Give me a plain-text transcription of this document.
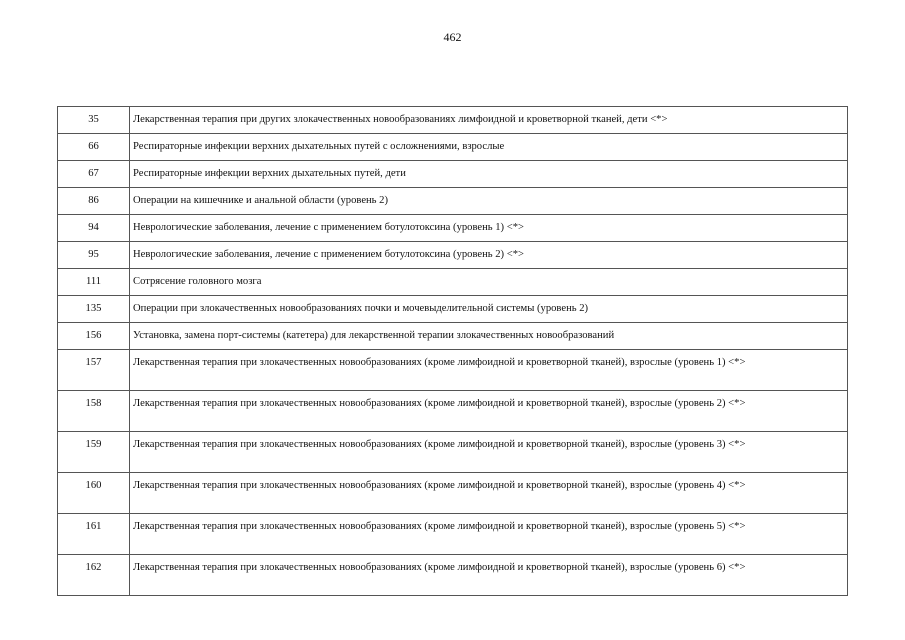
462
35	Лекарственная терапия при других злокачественных новообразованиях лимфоидной и кроветворной тканей, дети <*>
66	Респираторные инфекции верхних дыхательных путей с осложнениями, взрослые
67	Респираторные инфекции верхних дыхательных путей, дети
86	Операции на кишечнике и анальной области (уровень 2)
94	Неврологические заболевания, лечение с применением ботулотоксина (уровень 1) <*>
95	Неврологические заболевания, лечение с применением ботулотоксина (уровень 2) <*>
111	Сотрясение головного мозга
135	Операции при злокачественных новообразованиях почки и мочевыделительной системы (уровень 2)
156	Установка, замена порт-системы (катетера) для лекарственной терапии злокачественных новообразований
157	Лекарственная терапия при злокачественных новообразованиях (кроме лимфоидной и кроветворной тканей), взрослые (уровень 1) <*>
158	Лекарственная терапия при злокачественных новообразованиях (кроме лимфоидной и кроветворной тканей), взрослые (уровень 2) <*>
159	Лекарственная терапия при злокачественных новообразованиях (кроме лимфоидной и кроветворной тканей), взрослые (уровень 3) <*>
160	Лекарственная терапия при злокачественных новообразованиях (кроме лимфоидной и кроветворной тканей), взрослые (уровень 4) <*>
161	Лекарственная терапия при злокачественных новообразованиях (кроме лимфоидной и кроветворной тканей), взрослые (уровень 5) <*>
162	Лекарственная терапия при злокачественных новообразованиях (кроме лимфоидной и кроветворной тканей), взрослые (уровень 6) <*>
